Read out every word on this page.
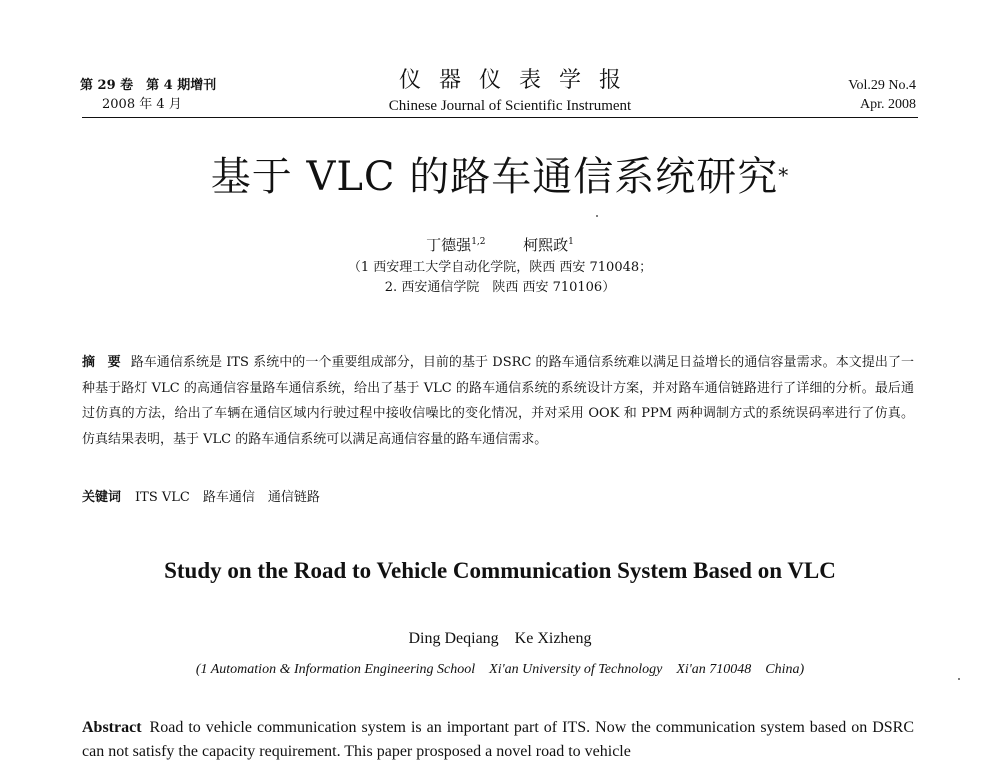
第 29 卷　第 4 期增刊
2008 年 4 月
仪器仪表学报
Chinese Journal of Scientific Instrument
Vol.29 No.4
Apr. 2008
基于 VLC 的路车通信系统研究*
丁德强$^{1,2}$	柯熙政$^1$
（1 西安理工大学自动化学院，陕西 西安 710048；
2. 西安通信学院　陕西 西安 710106）
摘 要 路车通信系统是 ITS 系统中的一个重要组成部分，目前的基于 DSRC 的路车通信系统难以满足日益增长的通信容量需求。本文提出了一种基于路灯 VLC 的高通信容量路车通信系统，给出了基于 VLC 的路车通信系统的系统设计方案，并对路车通信链路进行了详细的分析。最后通过仿真的方法，给出了车辆在通信区域内行驶过程中接收信噪比的变化情况，并对采用 OOK 和 PPM 两种调制方式的系统误码率进行了仿真。仿真结果表明，基于 VLC 的路车通信系统可以满足高通信容量的路车通信需求。
关键词 ITS VLC　路车通信　通信链路
Study on the Road to Vehicle Communication System Based on VLC
Ding Deqiang Ke Xizheng
(1 Automation & Information Engineering School　Xi'an University of Technology　Xi'an 710048　China)
Abstract Road to vehicle communication system is an important part of ITS. Now the communication system based on DSRC can not satisfy the capacity requirement. This paper prosposed a novel road to vehicle
